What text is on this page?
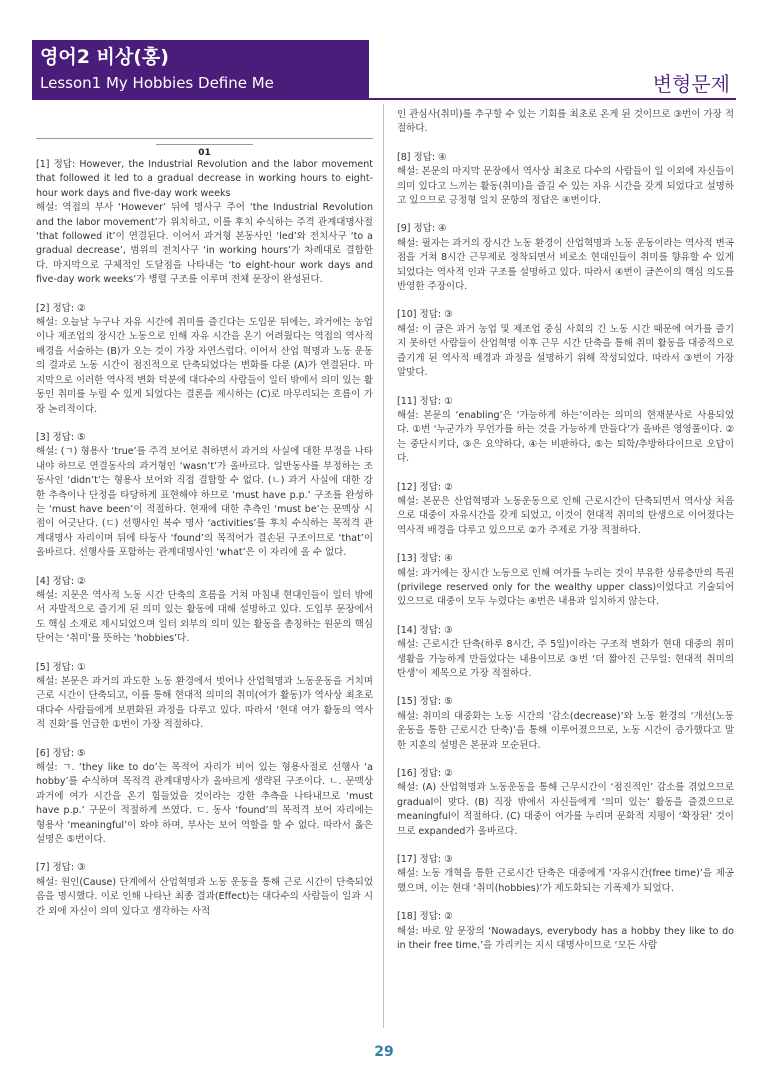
영어2 비상(홍)
Lesson1 My Hobbies Define Me	변형문제
01

[1] 정답: However, the Industrial Revolution and the labor movement that followed it led to a gradual decrease in working hours to eight-hour work days and five-day work weeks

해설: 역접의 부사 ‘However’ 뒤에 명사구 주어 ‘the Industrial Revolution and the labor movement’가 위치하고, 이를 후치 수식하는 주격 관계대명사절 ‘that followed it’이 연결된다. 이어서 과거형 본동사인 ‘led’와 전치사구 ‘to a gradual decrease’, 범위의 전치사구 ‘in working hours’가 차례대로 결합한다. 마지막으로 구체적인 도달점을 나타내는 ‘to eight-hour work days and five-day work weeks’가 병렬 구조를 이루며 전체 문장이 완성된다.

[2] 정답: ②

해설: 오늘날 누구나 자유 시간에 취미를 즐긴다는 도입문 뒤에는, 과거에는 농업이나 제조업의 장시간 노동으로 인해 자유 시간을 온기 어려웠다는 역접의 역사적 배경을 서술하는 (B)가 오는 것이 가장 자연스럽다. 이어서 산업 혁명과 노동 운동의 결과로 노동 시간이 점진적으로 단축되었다는 변화를 다룬 (A)가 연결된다. 마지막으로 이러한 역사적 변화 덕분에 대다수의 사람들이 일터 밖에서 의미 있는 활동인 취미를 누릴 수 있게 되었다는 결론을 제시하는 (C)로 마무리되는 흐름이 가장 논리적이다.

[3] 정답: ⑤

해설: (ㄱ) 형용사 ‘true’를 주격 보어로 취하면서 과거의 사실에 대한 부정을 나타내야 하므로 연결동사의 과거형인 ‘wasn’t’가 올바르다. 일반동사를 부정하는 조동사인 ‘didn’t’는 형용사 보어와 직접 결합할 수 없다. (ㄴ) 과거 사실에 대한 강한 추측이나 단정을 타당하게 표현해야 하므로 ‘must have p.p.’ 구조를 완성하는 ‘must have been’이 적절하다. 현재에 대한 추측인 ‘must be’는 문맥상 시점이 어긋난다. (ㄷ) 선행사인 복수 명사 ‘activities’를 후치 수식하는 목적격 관계대명사 자리이며 뒤에 타동사 ‘found’의 목적어가 결손된 구조이므로 ‘that’이 올바르다. 선행사를 포함하는 관계대명사인 ‘what’은 이 자리에 올 수 없다.

[4] 정답: ②

해설: 지문은 역사적 노동 시간 단축의 흐름을 거쳐 마침내 현대인들이 일터 밖에서 자발적으로 즐기게 된 의미 있는 활동에 대해 설명하고 있다. 도입부 문장에서도 핵심 소재로 제시되었으며 일터 외부의 의미 있는 활동을 총칭하는 원문의 핵심 단어는 ‘취미’를 뜻하는 ‘hobbies’다.

[5] 정답: ①

해설: 본문은 과거의 과도한 노동 환경에서 벗어나 산업혁명과 노동운동을 거치며 근로 시간이 단축되고, 이를 통해 현대적 의미의 취미(여가 활동)가 역사상 최초로 대다수 사람들에게 보편화된 과정을 다루고 있다. 따라서 ‘현대 여가 활동의 역사적 진화’를 언급한 ①번이 가장 적절하다.

[6] 정답: ⑤

해설: ㄱ. ‘they like to do’는 목적어 자리가 비어 있는 형용사절로 선행사 ‘a hobby’를 수식하며 목적격 관계대명사가 올바르게 생략된 구조이다. ㄴ. 문맥상 과거에 여가 시간을 온기 힘들었을 것이라는 강한 추측을 나타내므로 ‘must have p.p.’ 구문이 적절하게 쓰였다. ㄷ. 동사 ‘found’의 목적격 보어 자리에는 형용사 ‘meaningful’이 와야 하며, 부사는 보어 역할을 할 수 없다. 따라서 옳은 설명은 ⑤번이다.

[7] 정답: ③

해설: 원인(Cause) 단계에서 산업혁명과 노동 운동을 통해 근로 시간이 단축되었음을 명시했다. 이로 인해 나타난 최종 결과(Effect)는 대다수의 사람들이 일과 시간 외에 자신이 의미 있다고 생각하는 사적

인 관심사(취미)를 추구할 수 있는 기회를 최초로 온게 된 것이므로 ③번이 가장 적절하다.

[8] 정답: ④

해설: 본문의 마지막 문장에서 역사상 최초로 다수의 사람들이 일 이외에 자신들이 의미 있다고 느끼는 활동(취미)을 즐길 수 있는 자유 시간을 갖게 되었다고 설명하고 있으므로 긍정형 일치 문항의 정답은 ④번이다.

[9] 정답: ④

해설: 필자는 과거의 장시간 노동 환경이 산업혁명과 노동 운동이라는 역사적 변곡점을 거쳐 8시간 근무제로 정착되면서 비로소 현대인들이 취미를 향유할 수 있게 되었다는 역사적 인과 구조를 설명하고 있다. 따라서 ④번이 글쓴이의 핵심 의도를 반영한 주장이다.

[10] 정답: ③

해설: 이 글은 과거 농업 및 제조업 중심 사회의 긴 노동 시간 때문에 여가를 즐기지 못하던 사람들이 산업혁명 이후 근무 시간 단축을 통해 취미 활동을 대중적으로 즐기게 된 역사적 배경과 과정을 설명하기 위해 작성되었다. 따라서 ③번이 가장 알맞다.

[11] 정답: ①

해설: 본문의 ‘enabling’은 ‘가능하게 하는’이라는 의미의 현재분사로 사용되었다. ①번 ‘누군가가 무언가를 하는 것을 가능하게 만들다’가 올바른 영영풀이다. ②는 중단시키다, ③은 요약하다, ④는 비판하다, ⑤는 퇴학/추방하다이므로 오답이다.

[12] 정답: ②

해설: 본문은 산업혁명과 노동운동으로 인해 근로시간이 단축되면서 역사상 처음으로 대중이 자유시간을 갖게 되었고, 이것이 현대적 취미의 탄생으로 이어졌다는 역사적 배경을 다루고 있으므로 ②가 주제로 가장 적절하다.

[13] 정답: ④

해설: 과거에는 장시간 노동으로 인해 여가를 누리는 것이 부유한 상류층만의 특권(privilege reserved only for the wealthy upper class)이었다고 기술되어 있으므로 대중이 모두 누렸다는 ④번은 내용과 일치하지 않는다.

[14] 정답: ③

해설: 근로시간 단축(하루 8시간, 주 5일)이라는 구조적 변화가 현대 대중의 취미 생활을 가능하게 만들었다는 내용이므로 ③번 ‘더 짧아진 근무일: 현대적 취미의 탄생’이 제목으로 가장 적절하다.

[15] 정답: ⑤

해설: 취미의 대중화는 노동 시간의 ‘감소(decrease)’와 노동 환경의 ‘개선(노동운동을 통한 근로시간 단축)’을 통해 이루어졌으므로, 노동 시간이 증가했다고 말한 지훈의 설명은 본문과 모순된다.

[16] 정답: ②

해설: (A) 산업혁명과 노동운동을 통해 근무시간이 ‘점진적인’ 감소를 겪었으므로 gradual이 맞다. (B) 직장 밖에서 자신들에게 ‘의미 있는’ 활동을 즐겼으므로 meaningful이 적절하다. (C) 대중이 여가를 누리며 문화적 지평이 ‘확장된’ 것이므로 expanded가 올바르다.

[17] 정답: ③

해설: 노동 개혁을 통한 근로시간 단축은 대중에게 ‘자유시간(free time)’을 제공했으며, 이는 현대 ‘취미(hobbies)’가 제도화되는 기폭제가 되었다.

[18] 정답: ②

해설: 바로 앞 문장의 ‘Nowadays, everybody has a hobby they like to do in their free time.’을 가리키는 지시 대명사이므로 ‘모든 사람

29
